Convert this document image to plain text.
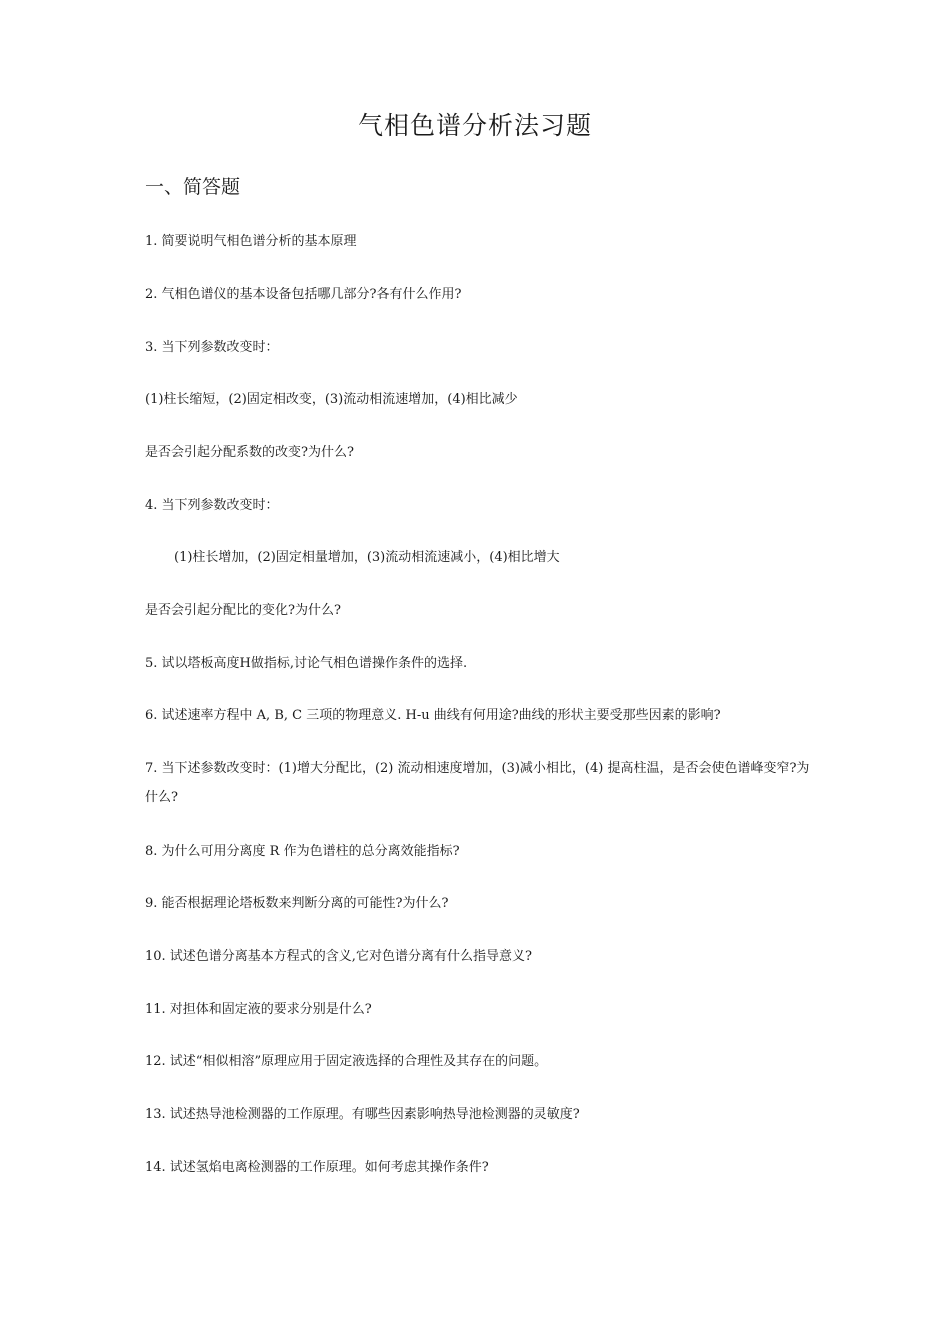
气相色谱分析法习题
一、简答题

1. 简要说明气相色谱分析的基本原理

2. 气相色谱仪的基本设备包括哪几部分?各有什么作用?

3. 当下列参数改变时：

(1)柱长缩短，(2)固定相改变，(3)流动相流速增加，(4)相比减少

是否会引起分配系数的改变?为什么?

4. 当下列参数改变时：

(1)柱长增加，(2)固定相量增加，(3)流动相流速减小，(4)相比增大

是否会引起分配比的变化?为什么?

5. 试以塔板高度H做指标,讨论气相色谱操作条件的选择.

6. 试述速率方程中 A, B, C 三项的物理意义. H-u 曲线有何用途?曲线的形状主要受那些因素的影响?

7. 当下述参数改变时：(1)增大分配比，(2) 流动相速度增加，(3)减小相比，(4) 提高柱温，是否会使色谱峰变窄?为什么?

8. 为什么可用分离度 R 作为色谱柱的总分离效能指标?

9. 能否根据理论塔板数来判断分离的可能性?为什么?

10. 试述色谱分离基本方程式的含义,它对色谱分离有什么指导意义?

11. 对担体和固定液的要求分别是什么?

12. 试述“相似相溶”原理应用于固定液选择的合理性及其存在的问题。

13. 试述热导池检测器的工作原理。有哪些因素影响热导池检测器的灵敏度?

14. 试述氢焰电离检测器的工作原理。如何考虑其操作条件?
